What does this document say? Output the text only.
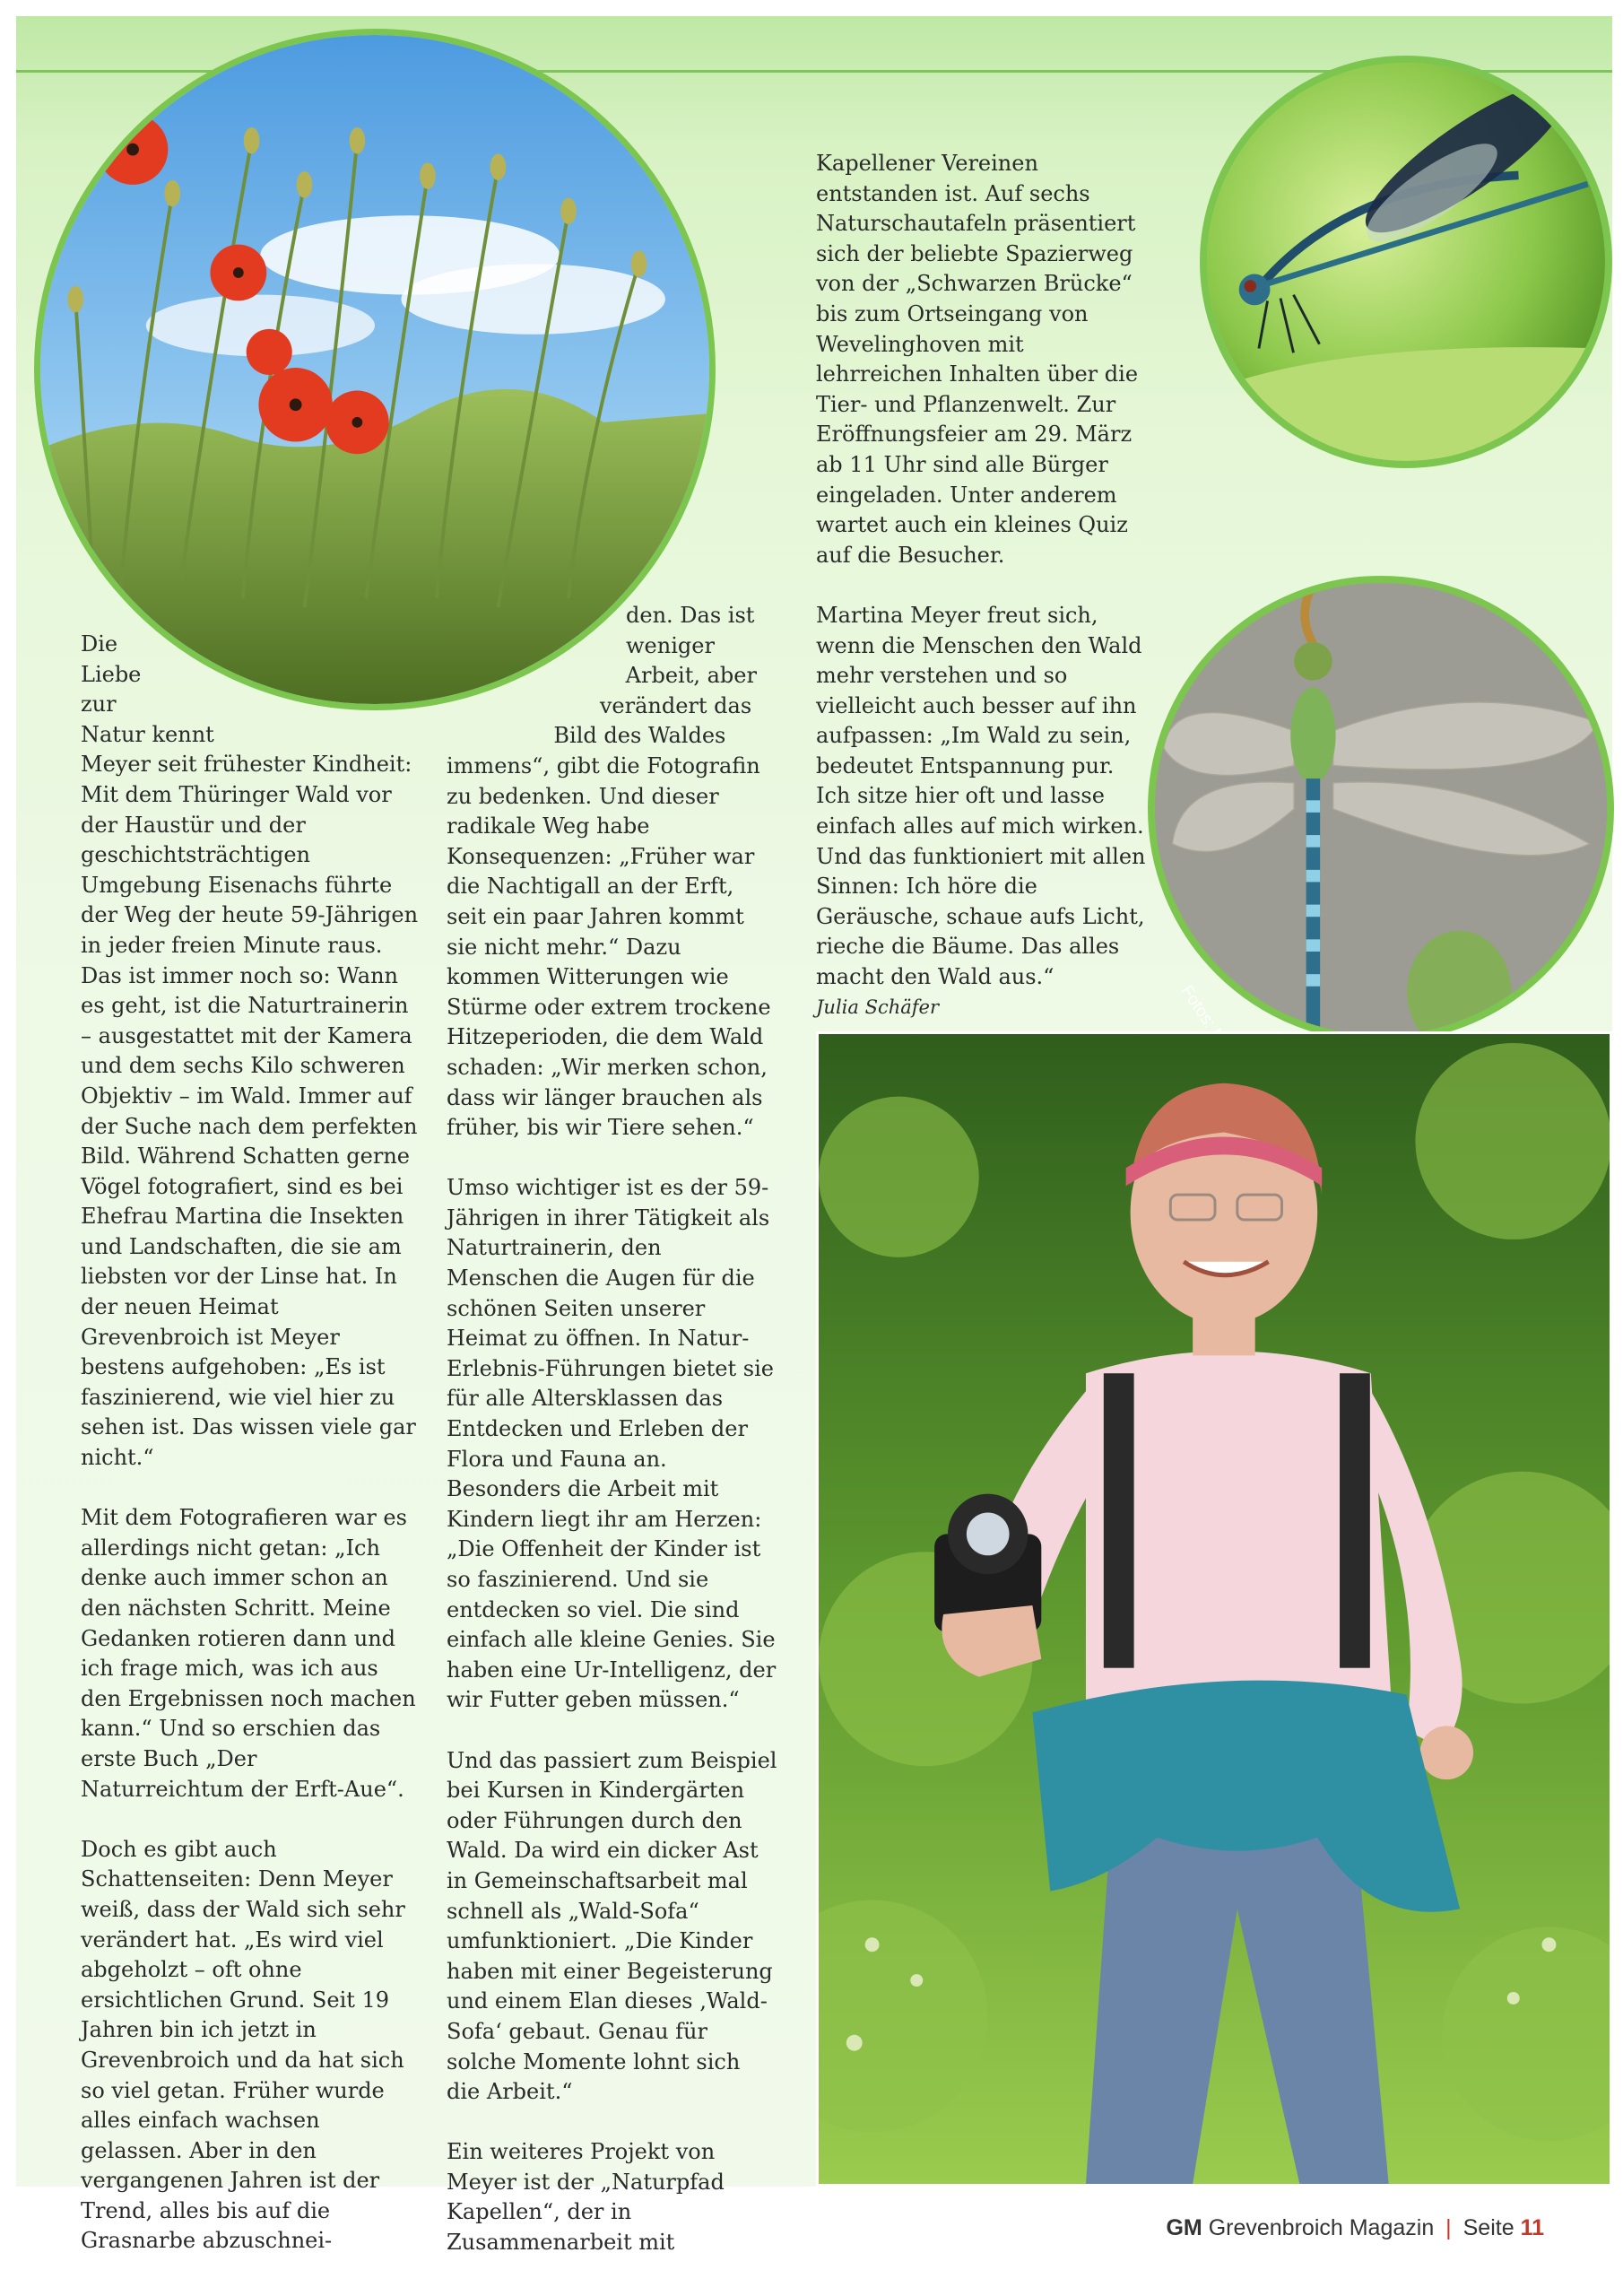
Die Liebe zur Natur kennt Meyer seit frühester Kindheit: Mit dem Thüringer Wald vor der Haustür und der geschichtsträchtigen Umgebung Eisenachs führte der Weg der heute 59-Jährigen in jeder freien Minute raus. Das ist immer noch so: Wann es geht, ist die Naturtrainerin – ausgestattet mit der Kamera und dem sechs Kilo schweren Objektiv – im Wald. Immer auf der Suche nach dem perfekten Bild. Während Schatten gerne Vögel fotografiert, sind es bei Ehefrau Martina die Insekten und Landschaften, die sie am liebsten vor der Linse hat. In der neuen Heimat Grevenbroich ist Meyer bestens aufgehoben: „Es ist faszinierend, wie viel hier zu sehen ist. Das wissen viele gar nicht.“

Mit dem Fotografieren war es allerdings nicht getan: „Ich denke auch immer schon an den nächsten Schritt. Meine Gedanken rotieren dann und ich frage mich, was ich aus den Ergebnissen noch machen kann.“ Und so erschien das erste Buch „Der Naturreichtum der Erft-Aue“.

Doch es gibt auch Schattenseiten: Denn Meyer weiß, dass der Wald sich sehr verändert hat. „Es wird viel abgeholzt – oft ohne ersichtlichen Grund. Seit 19 Jahren bin ich jetzt in Grevenbroich und da hat sich so viel getan. Früher wurde alles einfach wachsen gelassen. Aber in den vergangenen Jahren ist der Trend, alles bis auf die Grasnarbe abzuschnei-

den. Das ist weniger Arbeit, aber verändert das Bild des Waldes immens“, gibt die Fotografin zu bedenken. Und dieser radikale Weg habe Konsequenzen: „Früher war die Nachtigall an der Erft, seit ein paar Jahren kommt sie nicht mehr.“ Dazu kommen Witterungen wie Stürme oder extrem trockene Hitzeperioden, die dem Wald schaden: „Wir merken schon, dass wir länger brauchen als früher, bis wir Tiere sehen.“

Umso wichtiger ist es der 59-Jährigen in ihrer Tätigkeit als Naturtrainerin, den Menschen die Augen für die schönen Seiten unserer Heimat zu öffnen. In Natur-Erlebnis-Führungen bietet sie für alle Altersklassen das Entdecken und Erleben der Flora und Fauna an. Besonders die Arbeit mit Kindern liegt ihr am Herzen: „Die Offenheit der Kinder ist so faszinierend. Und sie entdecken so viel. Die sind einfach alle kleine Genies. Sie haben eine Ur-Intelligenz, der wir Futter geben müssen.“

Und das passiert zum Beispiel bei Kursen in Kindergärten oder Führungen durch den Wald. Da wird ein dicker Ast in Gemeinschaftsarbeit mal schnell als „Wald-Sofa“ umfunktioniert. „Die Kinder haben mit einer Begeisterung und einem Elan dieses ‚Wald-Sofa‘ gebaut. Genau für solche Momente lohnt sich die Arbeit.“

Ein weiteres Projekt von Meyer ist der „Naturpfad Kapellen“, der in Zusammenarbeit mit

Kapellener Vereinen entstanden ist. Auf sechs Naturschautafeln präsentiert sich der beliebte Spazierweg von der „Schwarzen Brücke“ bis zum Ortseingang von Wevelinghoven mit lehrreichen Inhalten über die Tier- und Pflanzenwelt. Zur Eröffnungsfeier am 29. März ab 11 Uhr sind alle Bürger eingeladen. Unter anderem wartet auch ein kleines Quiz auf die Besucher.

Martina Meyer freut sich, wenn die Menschen den Wald mehr verstehen und so vielleicht auch besser auf ihn aufpassen: „Im Wald zu sein, bedeutet Entspannung pur. Ich sitze hier oft und lasse einfach alles auf mich wirken. Und das funktioniert mit allen Sinnen: Ich höre die Geräusche, schaue aufs Licht, rieche die Bäume. Das alles macht den Wald aus.“

Julia Schäfer
GM Grevenbroich Magazin | Seite 11
